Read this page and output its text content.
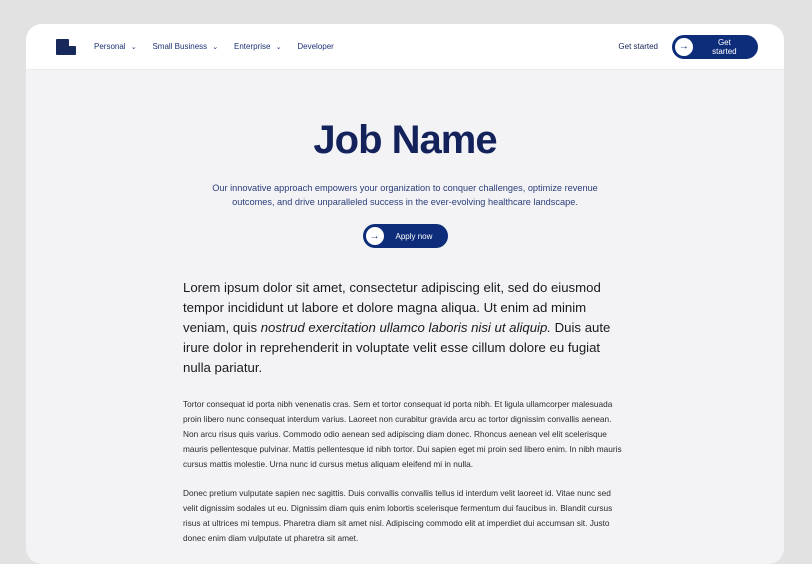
Personal ⌄ Small Business ⌄ Enterprise ⌄ Developer	Get started	→	Get started
Job Name

Our innovative approach empowers your organization to conquer challenges, optimize revenue outcomes, and drive unparalleled success in the ever-evolving healthcare landscape.

→	Apply now

Lorem ipsum dolor sit amet, consectetur adipiscing elit, sed do eiusmod tempor incididunt ut labore et dolore magna aliqua. Ut enim ad minim veniam, quis nostrud exercitation ullamco laboris nisi ut aliquip. Duis aute irure dolor in reprehenderit in voluptate velit esse cillum dolore eu fugiat nulla pariatur.

Tortor consequat id porta nibh venenatis cras. Sem et tortor consequat id porta nibh. Et ligula ullamcorper malesuada proin libero nunc consequat interdum varius. Laoreet non curabitur gravida arcu ac tortor dignissim convallis aenean. Non arcu risus quis varius. Commodo odio aenean sed adipiscing diam donec. Rhoncus aenean vel elit scelerisque mauris pellentesque pulvinar. Mattis pellentesque id nibh tortor. Dui sapien eget mi proin sed libero enim. In nibh mauris cursus mattis molestie. Urna nunc id cursus metus aliquam eleifend mi in nulla.

Donec pretium vulputate sapien nec sagittis. Duis convallis convallis tellus id interdum velit laoreet id. Vitae nunc sed velit dignissim sodales ut eu. Dignissim diam quis enim lobortis scelerisque fermentum dui faucibus in. Blandit cursus risus at ultrices mi tempus. Pharetra diam sit amet nisl. Adipiscing commodo elit at imperdiet dui accumsan sit. Justo donec enim diam vulputate ut pharetra sit amet.
